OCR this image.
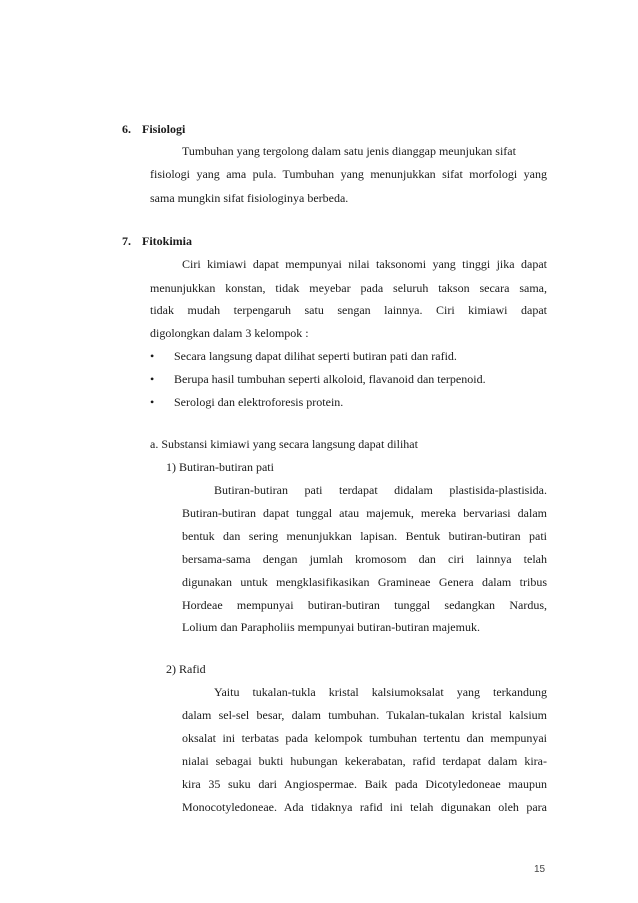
6. Fisiologi
Tumbuhan yang tergolong dalam satu jenis dianggap meunjukan sifat
fisiologi yang ama pula. Tumbuhan yang menunjukkan sifat morfologi yang
sama mungkin sifat fisiologinya berbeda.
7. Fitokimia
Ciri kimiawi dapat mempunyai nilai taksonomi yang tinggi jika dapat
menunjukkan konstan, tidak meyebar pada seluruh takson secara sama,
tidak mudah terpengaruh satu sengan lainnya. Ciri kimiawi dapat
digolongkan dalam 3 kelompok :
• Secara langsung dapat dilihat seperti butiran pati dan rafid.
• Berupa hasil tumbuhan seperti alkoloid, flavanoid dan terpenoid.
• Serologi dan elektroforesis protein.
a. Substansi kimiawi yang secara langsung dapat dilihat
1) Butiran-butiran pati
Butiran-butiran pati terdapat didalam plastisida-plastisida.
Butiran-butiran dapat tunggal atau majemuk, mereka bervariasi dalam
bentuk dan sering menunjukkan lapisan. Bentuk butiran-butiran pati
bersama-sama dengan jumlah kromosom dan ciri lainnya telah
digunakan untuk mengklasifikasikan Gramineae Genera dalam tribus
Hordeae mempunyai butiran-butiran tunggal sedangkan Nardus,
Lolium dan Parapholiis mempunyai butiran-butiran majemuk.
2) Rafid
Yaitu tukalan-tukla kristal kalsiumoksalat yang terkandung
dalam sel-sel besar, dalam tumbuhan. Tukalan-tukalan kristal kalsium
oksalat ini terbatas pada kelompok tumbuhan tertentu dan mempunyai
nialai sebagai bukti hubungan kekerabatan, rafid terdapat dalam kira-
kira 35 suku dari Angiospermae. Baik pada Dicotyledoneae maupun
Monocotyledoneae. Ada tidaknya rafid ini telah digunakan oleh para
15
